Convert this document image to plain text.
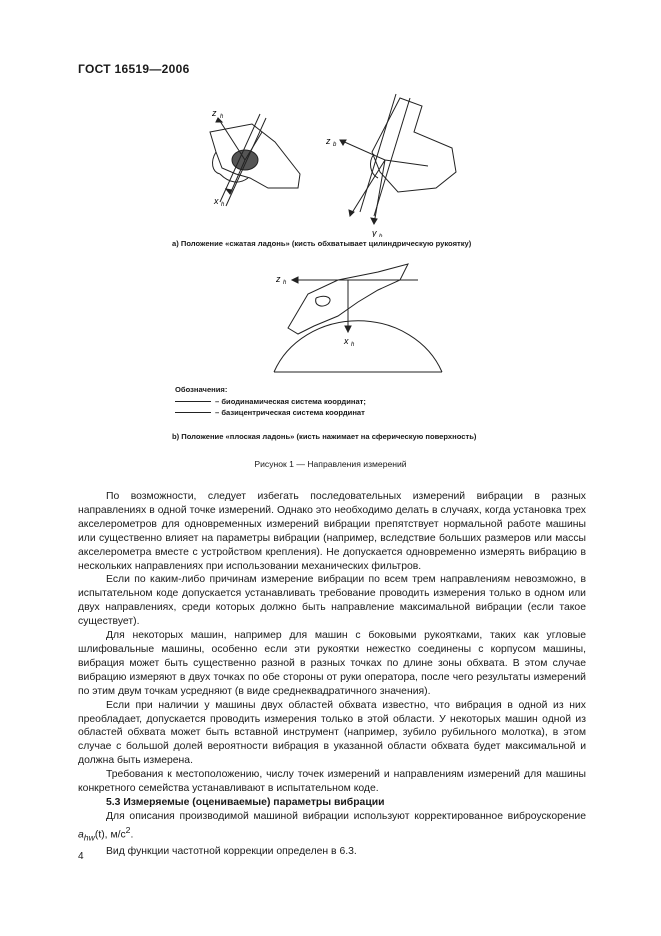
ГОСТ 16519—2006
z h
x h
z b
y b
a) Положение «сжатая ладонь» (кисть обхватывает цилиндрическую рукоятку)
z h
x h
Обозначения:
– биодинамическая система координат;
– базицентрическая система координат
b) Положение «плоская ладонь» (кисть нажимает на сферическую поверхность)
Рисунок 1 — Направления измерений

По возможности, следует избегать последовательных измерений вибрации в разных направлениях в одной точке измерений. Однако это необходимо делать в случаях, когда установка трех акселерометров для одновременных измерений вибрации препятствует нормальной работе машины или существенно влияет на параметры вибрации (например, вследствие больших размеров или массы акселерометра вместе с устройством крепления). Не допускается одновременно измерять вибрацию в нескольких направлениях при использовании механических фильтров.

Если по каким-либо причинам измерение вибрации по всем трем направлениям невозможно, в испытательном коде допускается устанавливать требование проводить измерения только в одном или двух направлениях, среди которых должно быть направление максимальной вибрации (если такое существует).

Для некоторых машин, например для машин с боковыми рукоятками, таких как угловые шлифовальные машины, особенно если эти рукоятки нежестко соединены с корпусом машины, вибрация может быть существенно разной в разных точках по длине зоны обхвата. В этом случае вибрацию измеряют в двух точках по обе стороны от руки оператора, после чего результаты измерений по этим двум точкам усредняют (в виде среднеквадратичного значения).

Если при наличии у машины двух областей обхвата известно, что вибрация в одной из них преобладает, допускается проводить измерения только в этой области. У некоторых машин одной из областей обхвата может быть вставной инструмент (например, зубило рубильного молотка), в этом случае с большой долей вероятности вибрация в указанной области обхвата будет максимальной и должна быть измерена.

Требования к местоположению, числу точек измерений и направлениям измерений для машины конкретного семейства устанавливают в испытательном коде.

5.3 Измеряемые (оцениваемые) параметры вибрации

Для описания производимой машиной вибрации используют корректированное виброускорение $a_{hw}(t)$, $м/с^2$.

Вид функции частотной коррекции определен в 6.3.

4
